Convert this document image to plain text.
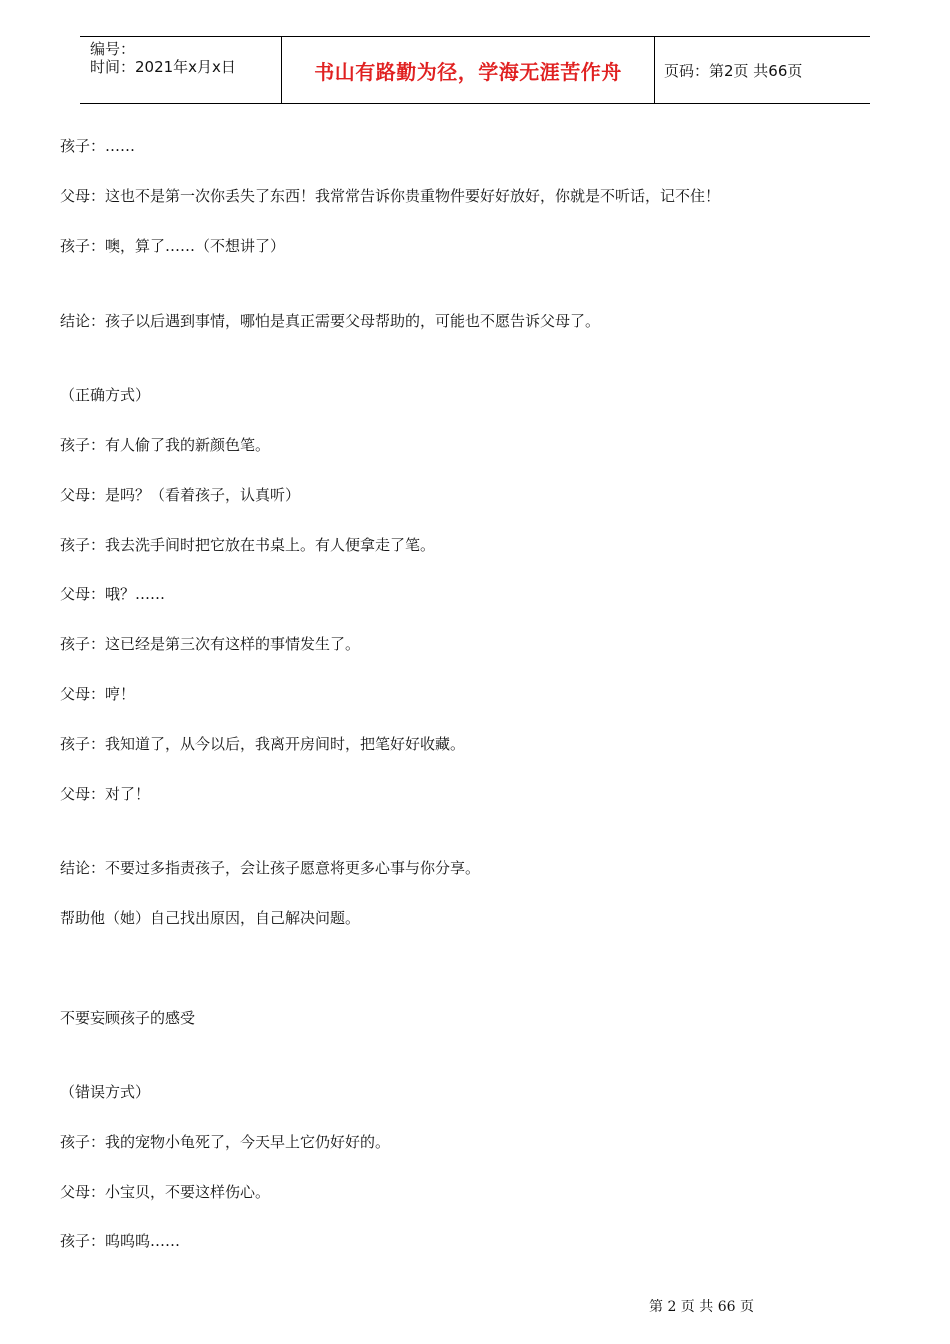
编号：
时间：2021年x月x日	书山有路勤为径，学海无涯苦作舟	页码：第2页 共66页
孩子：……
父母：这也不是第一次你丢失了东西！我常常告诉你贵重物件要好好放好，你就是不听话，记不住！
孩子：噢，算了……（不想讲了）
结论：孩子以后遇到事情，哪怕是真正需要父母帮助的，可能也不愿告诉父母了。
（正确方式）
孩子：有人偷了我的新颜色笔。
父母：是吗？（看着孩子，认真听）
孩子：我去洗手间时把它放在书桌上。有人便拿走了笔。
父母：哦？……
孩子：这已经是第三次有这样的事情发生了。
父母：哼！
孩子：我知道了，从今以后，我离开房间时，把笔好好收藏。
父母：对了！
结论：不要过多指责孩子，会让孩子愿意将更多心事与你分享。
帮助他（她）自己找出原因，自己解决问题。
不要妄顾孩子的感受
（错误方式）
孩子：我的宠物小龟死了，今天早上它仍好好的。
父母：小宝贝，不要这样伤心。
孩子：呜呜呜……
第 2 页 共 66 页
